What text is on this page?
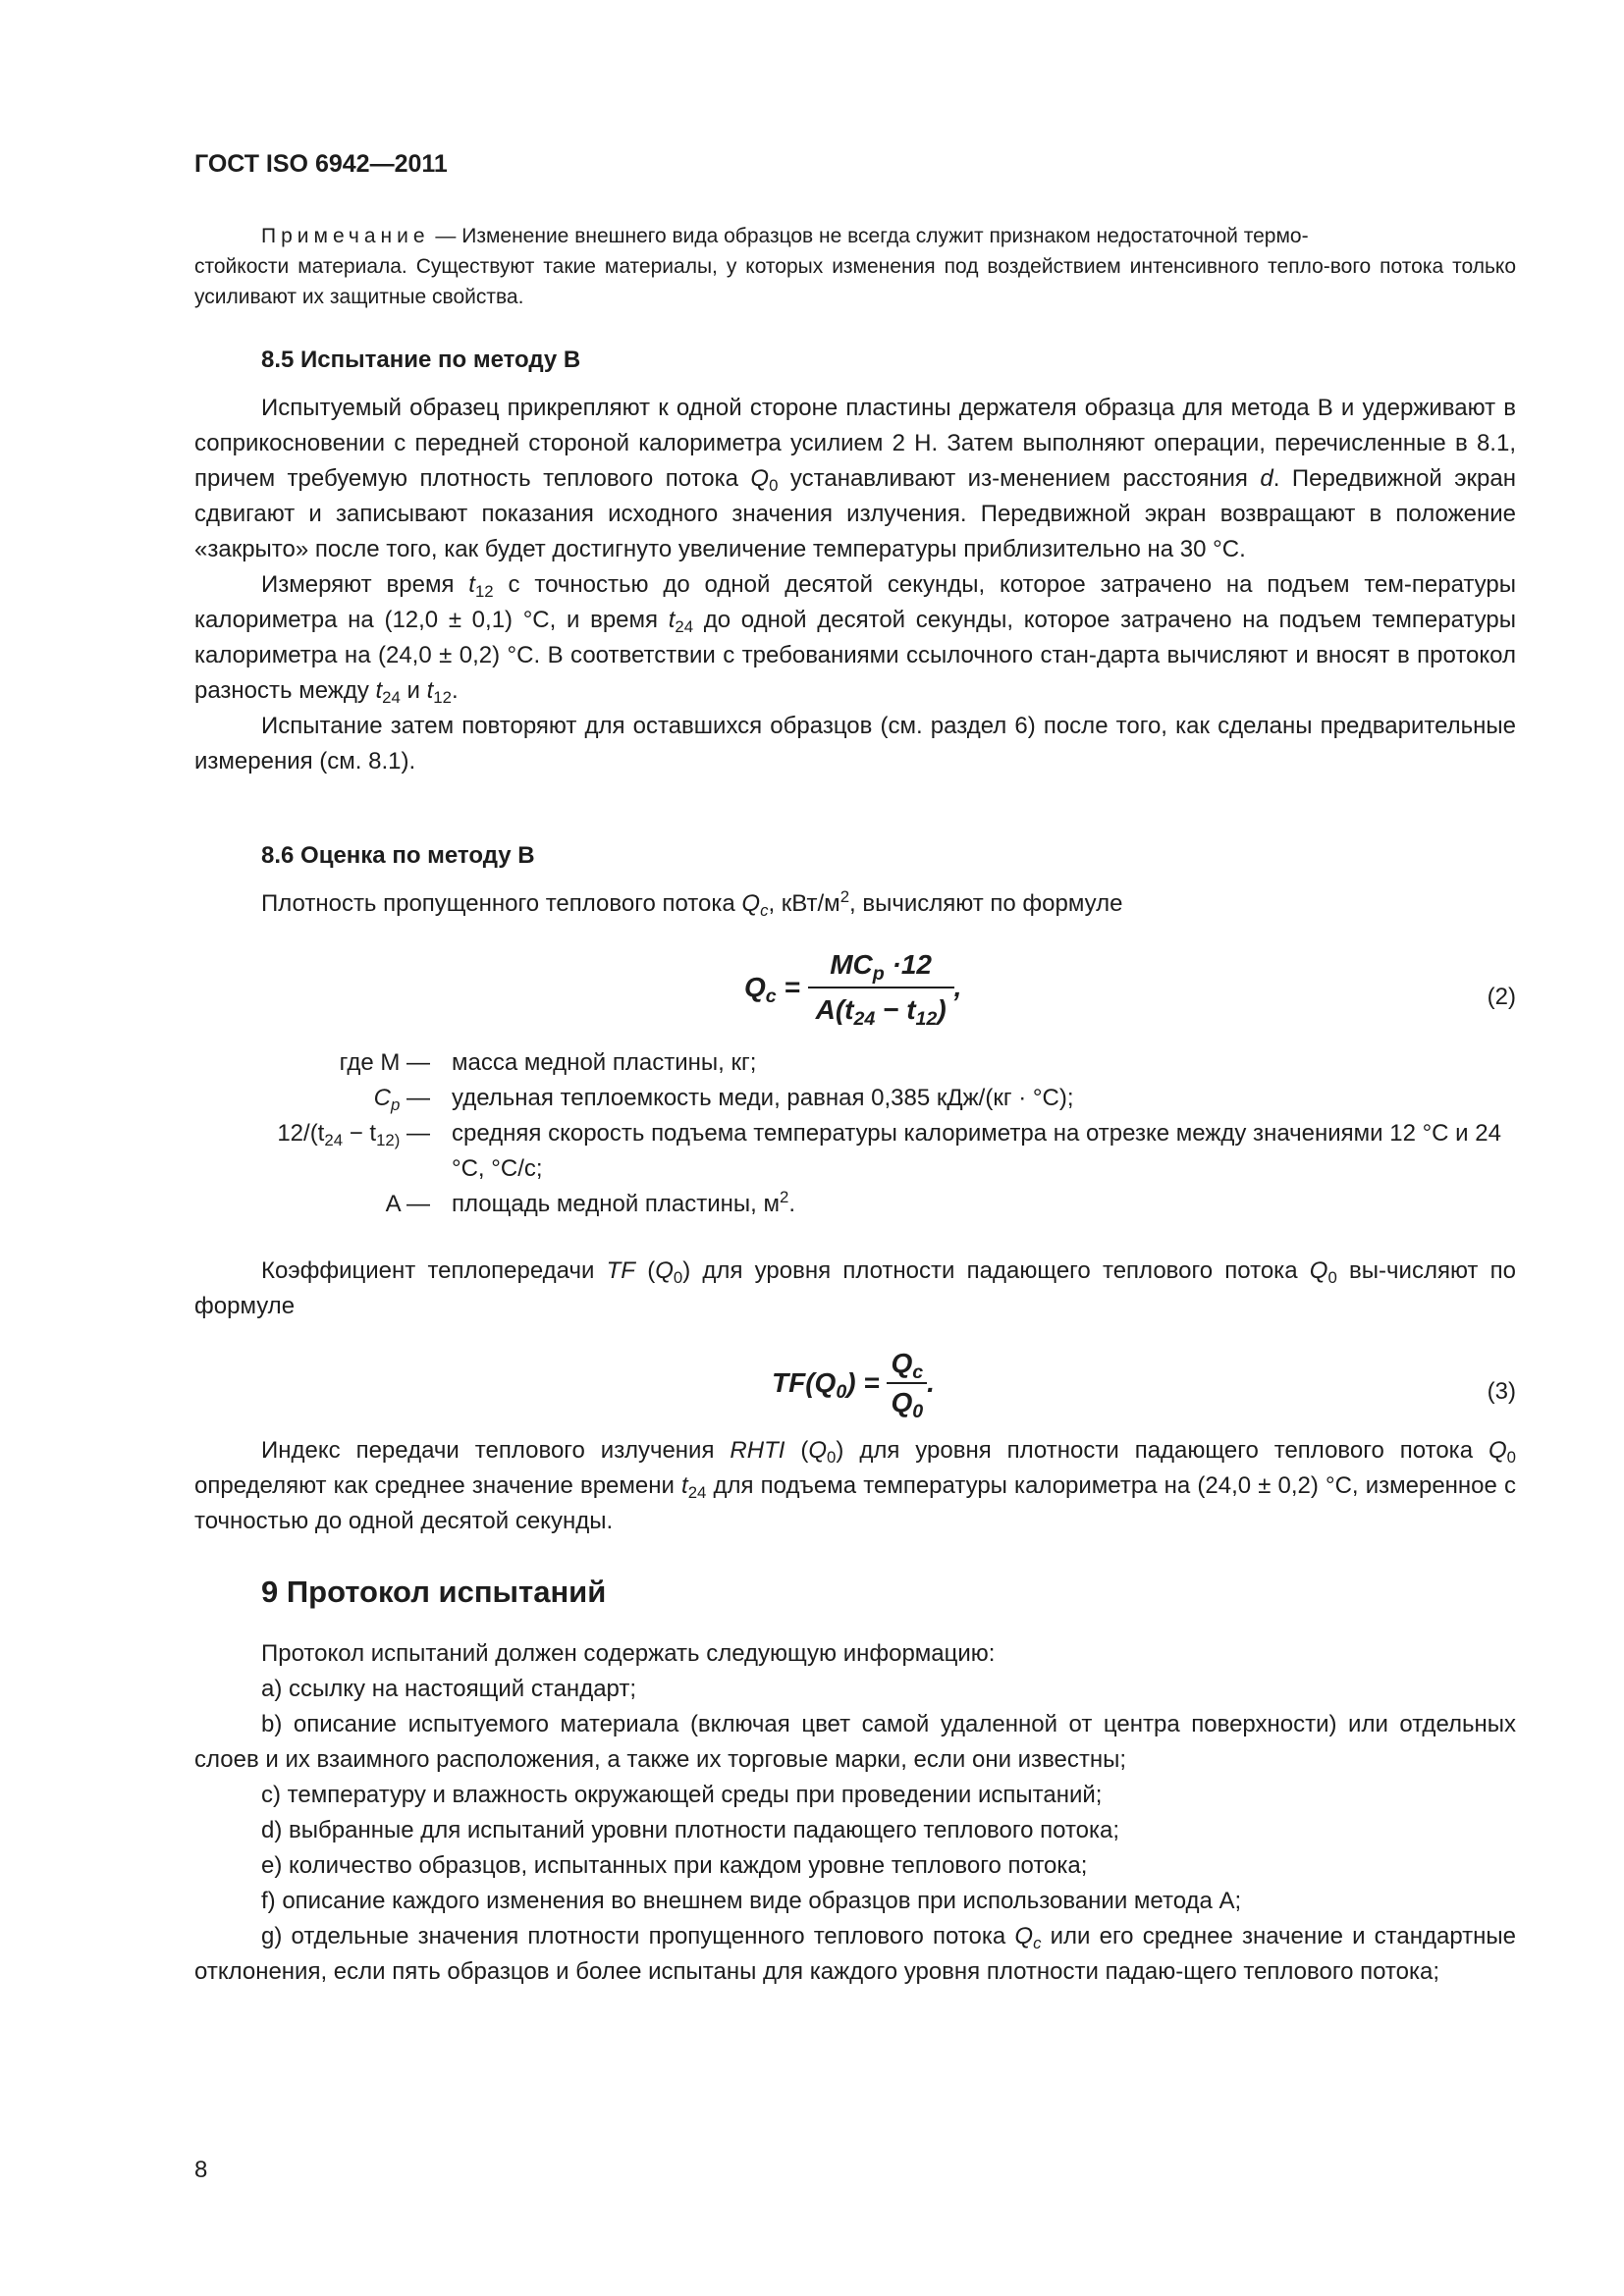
ГОСТ ISO 6942—2011
Примечание — Изменение внешнего вида образцов не всегда служит признаком недостаточной термо-
стойкости материала. Существуют такие материалы, у которых изменения под воздействием интенсивного тепло-вого потока только усиливают их защитные свойства.
8.5 Испытание по методу B

Испытуемый образец прикрепляют к одной стороне пластины держателя образца для метода B и удерживают в соприкосновении с передней стороной калориметра усилием 2 Н. Затем выполняют операции, перечисленные в 8.1, причем требуемую плотность теплового потока $Q_0$ устанавливают из-менением расстояния d. Передвижной экран сдвигают и записывают показания исходного значения излучения. Передвижной экран возвращают в положение «закрыто» после того, как будет достигнуто увеличение температуры приблизительно на 30 °С.

Измеряют время $t_{12}$ с точностью до одной десятой секунды, которое затрачено на подъем тем-пературы калориметра на (12,0 ± 0,1) °С, и время $t_{24}$ до одной десятой секунды, которое затрачено на подъем температуры калориметра на (24,0 ± 0,2) °С. В соответствии с требованиями ссылочного стан-дарта вычисляют и вносят в протокол разность между $t_{24}$ и $t_{12}$.

Испытание затем повторяют для оставшихся образцов (см. раздел 6) после того, как сделаны предварительные измерения (см. 8.1).

8.6 Оценка по методу B

Плотность пропущенного теплового потока $Q_c$, кВт/$м^2$, вычисляют по формуле

$Q_c = \frac{MC_p \cdot 12}{A(t_{24} - t_{12})}$ ,	(2)
где M — масса медной пластины, кг;
$C_p$ — удельная теплоемкость меди, равная 0,385 кДж/(кг · °С);
$12/(t_{24} - t_{12)}$ — средняя скорость подъема температуры калориметра на отрезке между значениями 12 °С и 24 °С, °С/с;
A — площадь медной пластины, $м^2$.

Коэффициент теплопередачи TF $(Q_0)$ для уровня плотности падающего теплового потока $Q_0$ вы-числяют по формуле

$TF(Q_0) = \frac{Q_c}{Q_0}$ .	(3)

Индекс передачи теплового излучения RHTI $(Q_0)$ для уровня плотности падающего теплового потока $Q_0$ определяют как среднее значение времени $t_{24}$ для подъема температуры калориметра на (24,0 ± 0,2) °С, измеренное с точностью до одной десятой секунды.

9 Протокол испытаний

Протокол испытаний должен содержать следующую информацию:

a) ссылку на настоящий стандарт;

b) описание испытуемого материала (включая цвет самой удаленной от центра поверхности) или отдельных слоев и их взаимного расположения, а также их торговые марки, если они известны;

c) температуру и влажность окружающей среды при проведении испытаний;

d) выбранные для испытаний уровни плотности падающего теплового потока;

e) количество образцов, испытанных при каждом уровне теплового потока;

f) описание каждого изменения во внешнем виде образцов при использовании метода A;

g) отдельные значения плотности пропущенного теплового потока $Q_c$ или его среднее значение и стандартные отклонения, если пять образцов и более испытаны для каждого уровня плотности падаю-щего теплового потока;

8
